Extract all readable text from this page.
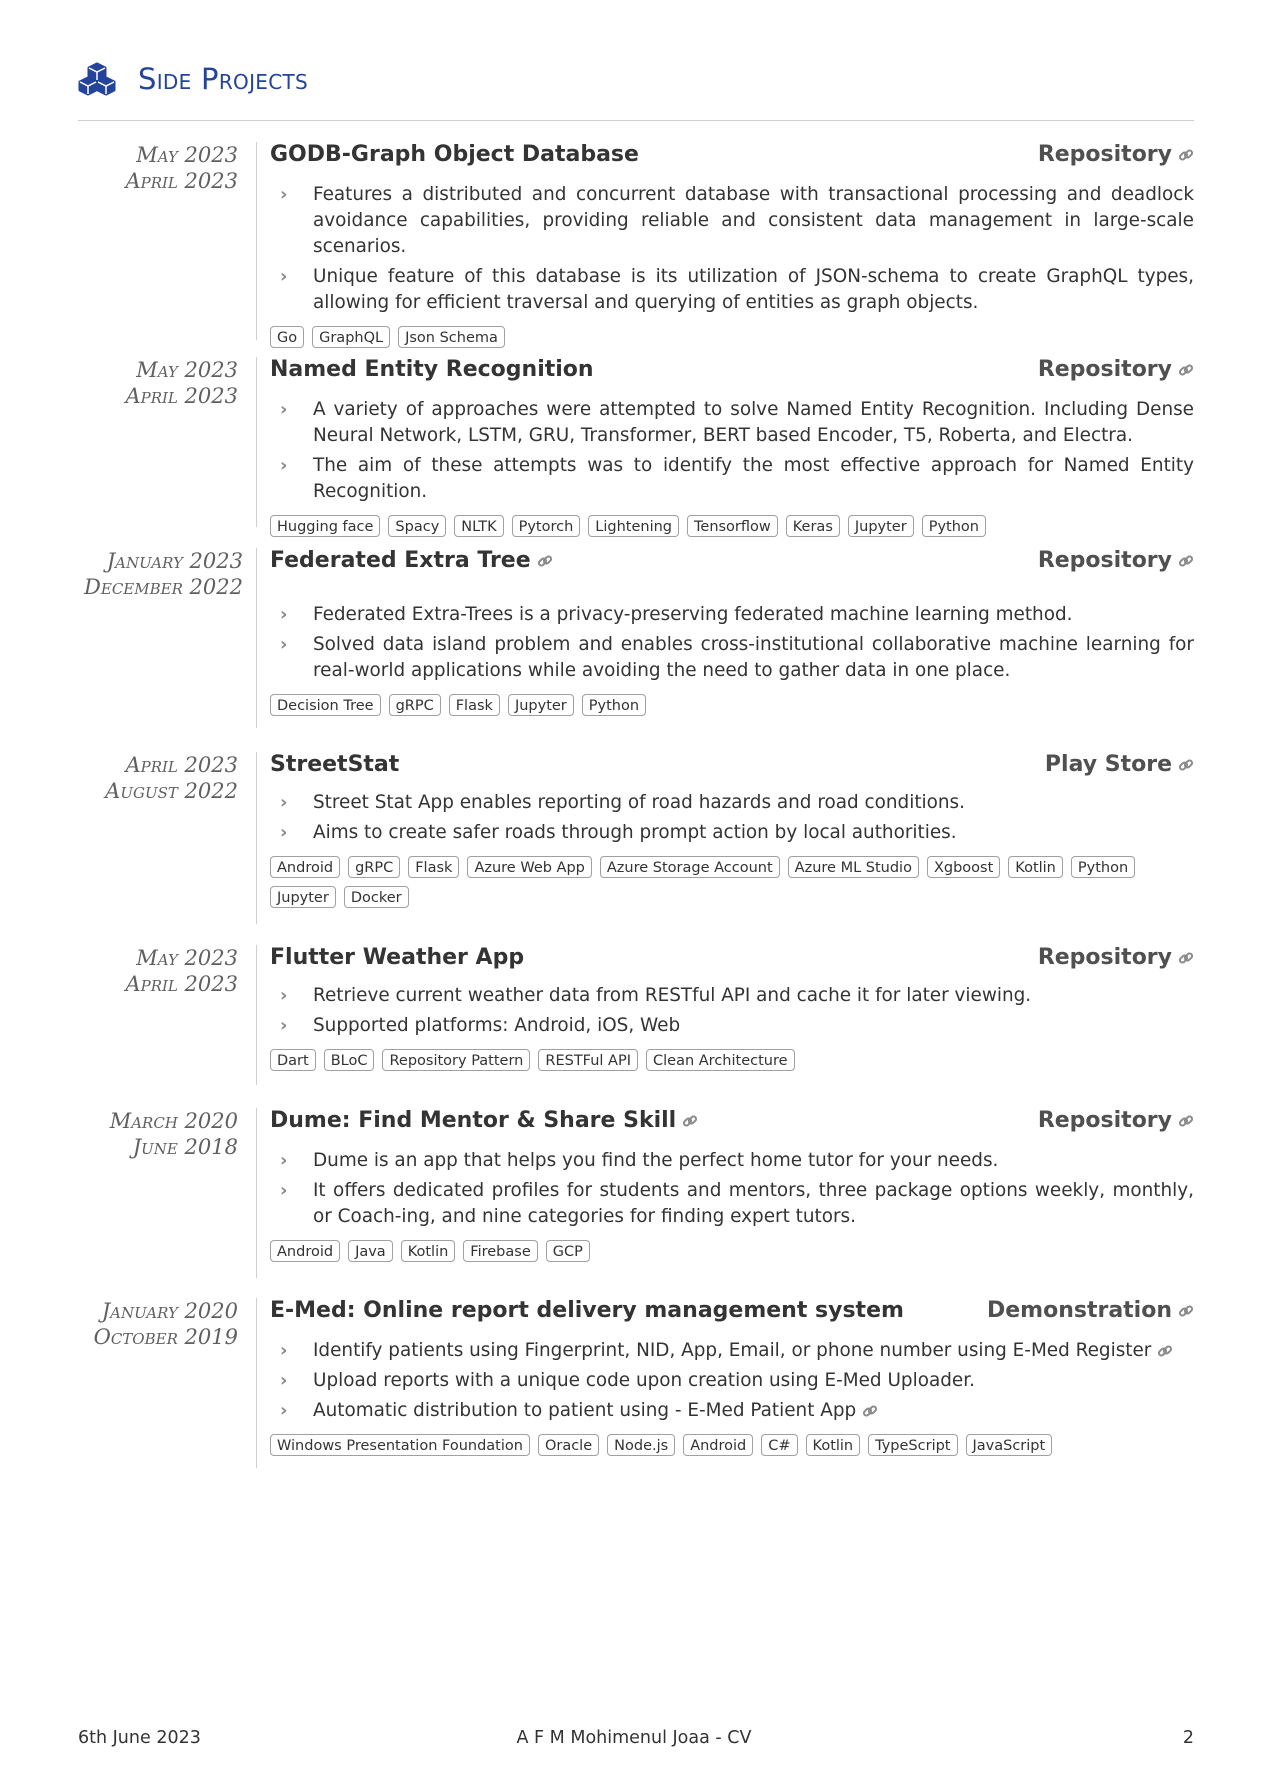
Side Projects
May 2023
April 2023
GODB-Graph Object Database	Repository
› Features a distributed and concurrent database with transactional processing and deadlock avoidance capabilities, providing reliable and consistent data management in large-scale scenarios.
› Unique feature of this database is its utilization of JSON-schema to create GraphQL types, allowing for efficient traversal and querying of entities as graph objects.
Go	GraphQL	Json Schema
May 2023
April 2023
Named Entity Recognition	Repository
› A variety of approaches were attempted to solve Named Entity Recognition. Including Dense Neural Network, LSTM, GRU, Transformer, BERT based Encoder, T5, Roberta, and Electra.
› The aim of these attempts was to identify the most effective approach for Named Entity Recognition.
Hugging face	Spacy	NLTK	Pytorch	Lightening	Tensorflow	Keras	Jupyter	Python
January 2023
December 2022
Federated Extra Tree	Repository
› Federated Extra-Trees is a privacy-preserving federated machine learning method.
› Solved data island problem and enables cross-institutional collaborative machine learning for real-world applications while avoiding the need to gather data in one place.
Decision Tree	gRPC	Flask	Jupyter	Python
April 2023
August 2022
StreetStat	Play Store
› Street Stat App enables reporting of road hazards and road conditions.
› Aims to create safer roads through prompt action by local authorities.
Android	gRPC	Flask	Azure Web App	Azure Storage Account	Azure ML Studio	Xgboost	Kotlin	Python
Jupyter	Docker
May 2023
April 2023
Flutter Weather App	Repository
› Retrieve current weather data from RESTful API and cache it for later viewing.
› Supported platforms: Android, iOS, Web
Dart	BLoC	Repository Pattern	RESTFul API	Clean Architecture
March 2020
June 2018
Dume: Find Mentor & Share Skill	Repository
› Dume is an app that helps you find the perfect home tutor for your needs.
› It offers dedicated profiles for students and mentors, three package options weekly, monthly, or Coach-ing, and nine categories for finding expert tutors.
Android	Java	Kotlin	Firebase	GCP
January 2020
October 2019
E-Med: Online report delivery management system	Demonstration
› Identify patients using Fingerprint, NID, App, Email, or phone number using E-Med Register
› Upload reports with a unique code upon creation using E-Med Uploader.
› Automatic distribution to patient using - E-Med Patient App
Windows Presentation Foundation	Oracle	Node.js	Android	C#	Kotlin	TypeScript	JavaScript
6th June 2023	A F M Mohimenul Joaa - CV	2
